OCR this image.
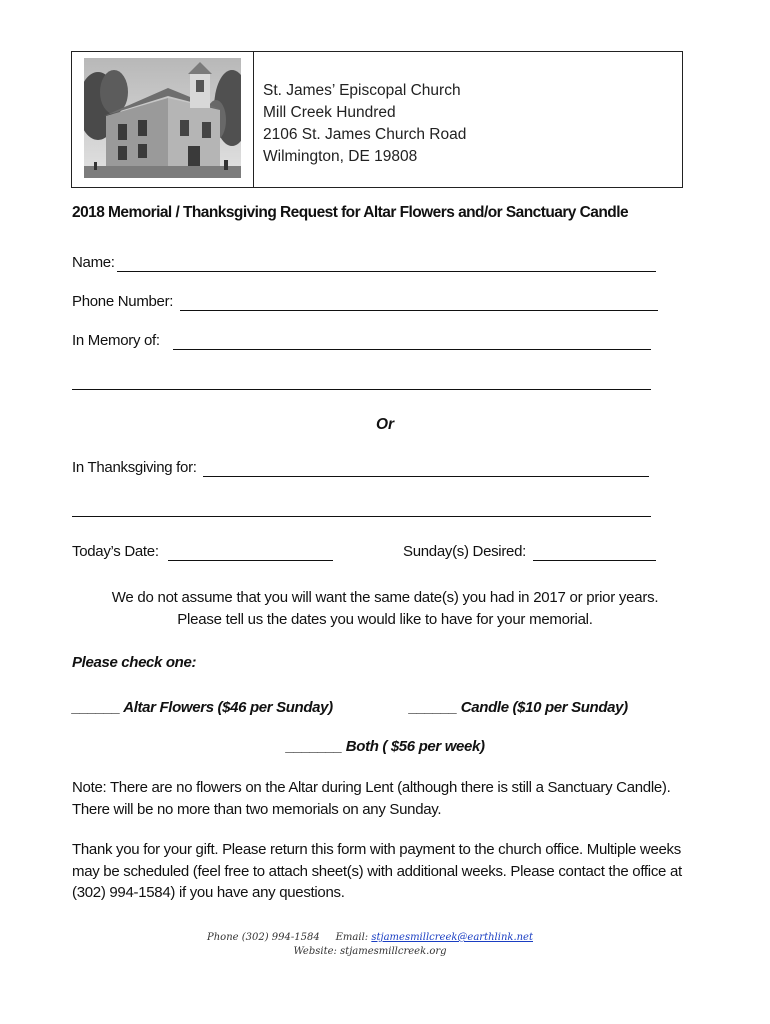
St. James’ Episcopal Church
Mill Creek Hundred
2106 St. James Church Road
Wilmington, DE 19808
2018 Memorial / Thanksgiving Request for Altar Flowers and/or Sanctuary Candle
Name:
Phone Number:
In Memory of:
Or
In Thanksgiving for:
Today’s Date:	Sunday(s) Desired:
We do not assume that you will want the same date(s) you had in 2017 or prior years.
Please tell us the dates you would like to have for your memorial.
Please check one:
______ Altar Flowers ($46 per Sunday)	______ Candle ($10 per Sunday)
_______ Both ( $56 per week)
Note: There are no flowers on the Altar during Lent (although there is still a Sanctuary Candle). There will be no more than two memorials on any Sunday.
Thank you for your gift. Please return this form with payment to the church office. Multiple weeks may be scheduled (feel free to attach sheet(s) with additional weeks. Please contact the office at (302) 994-1584) if you have any questions.
Phone (302) 994-1584 Email: stjamesmillcreek@earthlink.net
Website: stjamesmillcreek.org
